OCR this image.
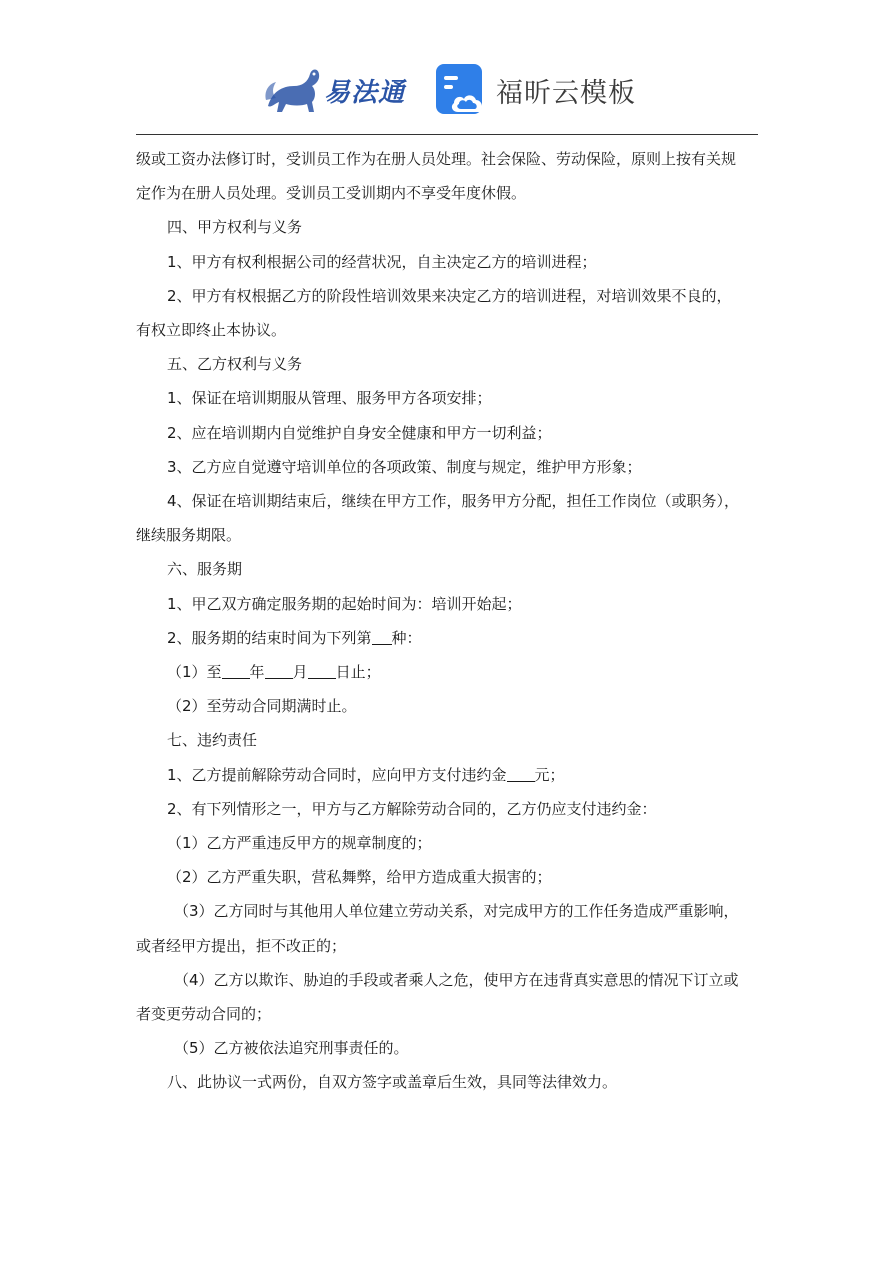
易法通	福昕云模板

级或工资办法修订时，受训员工作为在册人员处理。社会保险、劳动保险，原则上按有关规

定作为在册人员处理。受训员工受训期内不享受年度休假。

四、甲方权利与义务

1、甲方有权利根据公司的经营状况，自主决定乙方的培训进程；

2、甲方有权根据乙方的阶段性培训效果来决定乙方的培训进程，对培训效果不良的，

有权立即终止本协议。

五、乙方权利与义务

1、保证在培训期服从管理、服务甲方各项安排；

2、应在培训期内自觉维护自身安全健康和甲方一切利益；

3、乙方应自觉遵守培训单位的各项政策、制度与规定，维护甲方形象；

4、保证在培训期结束后，继续在甲方工作，服务甲方分配，担任工作岗位（或职务），

继续服务期限。

六、服务期

1、甲乙双方确定服务期的起始时间为：培训开始起；

2、服务期的结束时间为下列第 种：

（1）至 年 月 日止；

（2）至劳动合同期满时止。

七、违约责任

1、乙方提前解除劳动合同时，应向甲方支付违约金 元；

2、有下列情形之一，甲方与乙方解除劳动合同的，乙方仍应支付违约金：

（1）乙方严重违反甲方的规章制度的；

（2）乙方严重失职，营私舞弊，给甲方造成重大损害的；

（3）乙方同时与其他用人单位建立劳动关系，对完成甲方的工作任务造成严重影响，

或者经甲方提出，拒不改正的；

（4）乙方以欺诈、胁迫的手段或者乘人之危，使甲方在违背真实意思的情况下订立或

者变更劳动合同的；

（5）乙方被依法追究刑事责任的。

八、此协议一式两份，自双方签字或盖章后生效，具同等法律效力。
